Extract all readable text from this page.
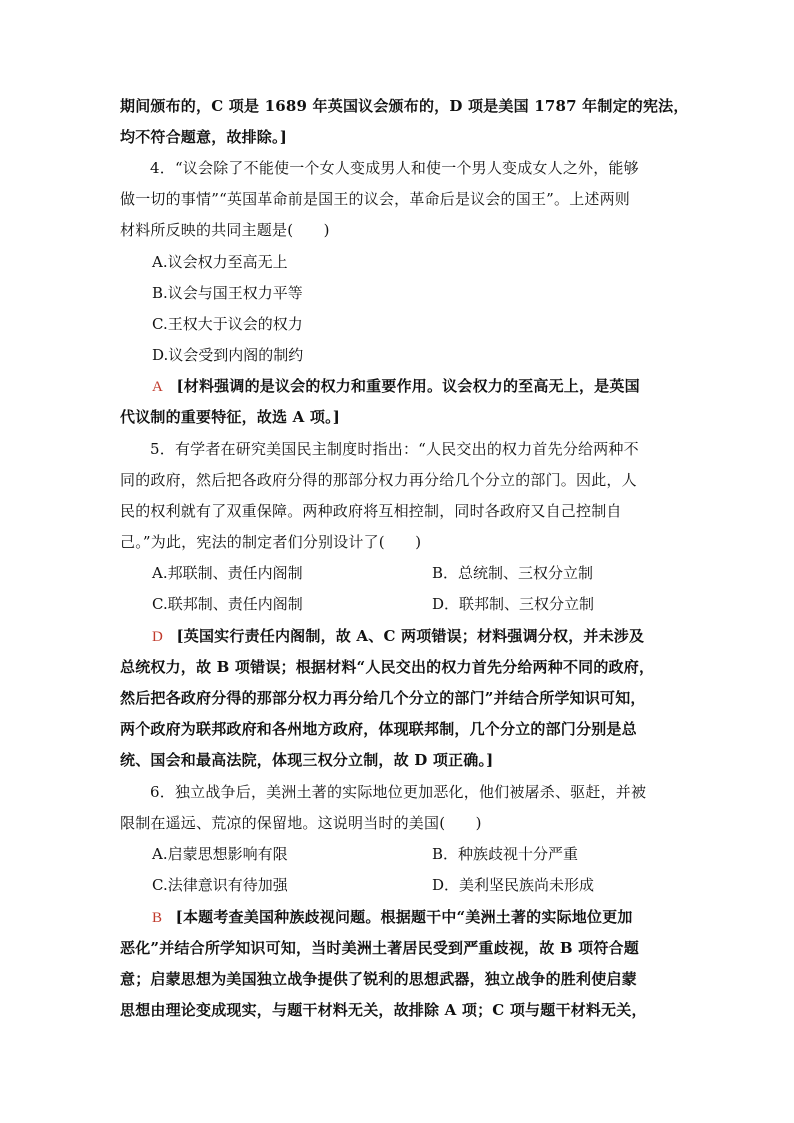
期间颁布的，C 项是 1689 年英国议会颁布的，D 项是美国 1787 年制定的宪法，
均不符合题意，故排除。]
4．“议会除了不能使一个女人变成男人和使一个男人变成女人之外，能够
做一切的事情”“英国革命前是国王的议会，革命后是议会的国王”。上述两则
材料所反映的共同主题是(　　)
A.议会权力至高无上
B.议会与国王权力平等
C.王权大于议会的权力
D.议会受到内阁的制约
A [材料强调的是议会的权力和重要作用。议会权力的至高无上，是英国
代议制的重要特征，故选 A 项。]
5．有学者在研究美国民主制度时指出：“人民交出的权力首先分给两种不
同的政府，然后把各政府分得的那部分权力再分给几个分立的部门。因此，人
民的权利就有了双重保障。两种政府将互相控制，同时各政府又自己控制自
己。”为此，宪法的制定者们分别设计了(　　)
A.邦联制、责任内阁制	B．总统制、三权分立制
C.联邦制、责任内阁制	D．联邦制、三权分立制
D [英国实行责任内阁制，故 A、C 两项错误；材料强调分权，并未涉及
总统权力，故 B 项错误；根据材料“人民交出的权力首先分给两种不同的政府，
然后把各政府分得的那部分权力再分给几个分立的部门”并结合所学知识可知，
两个政府为联邦政府和各州地方政府，体现联邦制，几个分立的部门分别是总
统、国会和最高法院，体现三权分立制，故 D 项正确。]
6．独立战争后，美洲土著的实际地位更加恶化，他们被屠杀、驱赶，并被
限制在遥远、荒凉的保留地。这说明当时的美国(　　)
A.启蒙思想影响有限	B．种族歧视十分严重
C.法律意识有待加强	D．美利坚民族尚未形成
B [本题考查美国种族歧视问题。根据题干中“美洲土著的实际地位更加
恶化”并结合所学知识可知，当时美洲土著居民受到严重歧视，故 B 项符合题
意；启蒙思想为美国独立战争提供了锐利的思想武器，独立战争的胜利使启蒙
思想由理论变成现实，与题干材料无关，故排除 A 项；C 项与题干材料无关，
